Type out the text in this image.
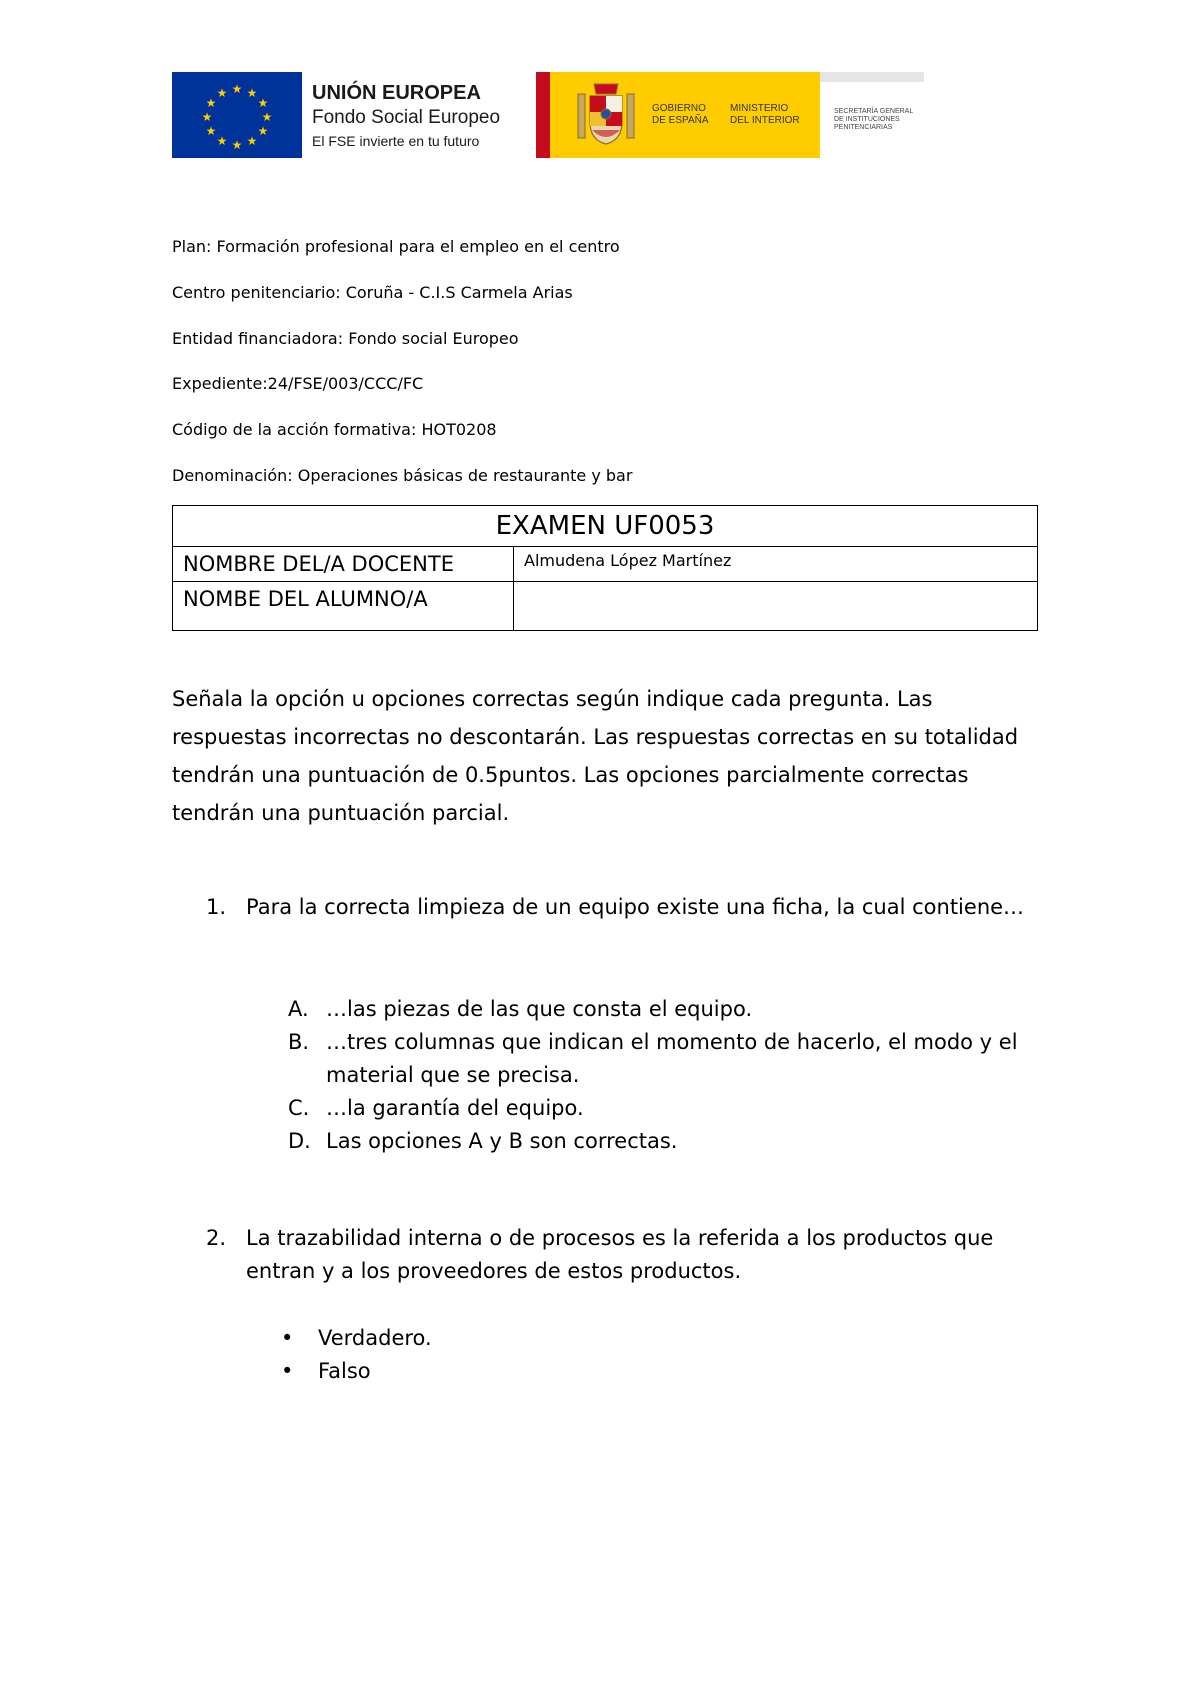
★ ★
★
★
★
★
★
★
★
★
★
★	UNIÓN EUROPEA
Fondo Social Europeo
El FSE invierte en tu futuro
GOBIERNO
DE ESPAÑA
MINISTERIO
DEL INTERIOR
SECRETARÍA GENERAL
DE INSTITUCIONES
PENITENCIARIAS
Plan: Formación profesional para el empleo en el centro
Centro penitenciario: Coruña - C.I.S Carmela Arias
Entidad financiadora: Fondo social Europeo
Expediente:24/FSE/003/CCC/FC
Código de la acción formativa: HOT0208
Denominación: Operaciones básicas de restaurante y bar
EXAMEN UF0053	
NOMBRE DEL/A DOCENTE	Almudena López Martínez
NOMBE DEL ALUMNO/A	
Señala la opción u opciones correctas según indique cada pregunta. Las respuestas incorrectas no descontarán. Las respuestas correctas en su totalidad tendrán una puntuación de 0.5puntos. Las opciones parcialmente correctas tendrán una puntuación parcial.
1. Para la correcta limpieza de un equipo existe una ficha, la cual contiene…
A. …las piezas de las que consta el equipo.
B. …tres columnas que indican el momento de hacerlo, el modo y el material que se precisa.
C. …la garantía del equipo.
D. Las opciones A y B son correctas.
2. La trazabilidad interna o de procesos es la referida a los productos que entran y a los proveedores de estos productos.
• Verdadero.
• Falso
